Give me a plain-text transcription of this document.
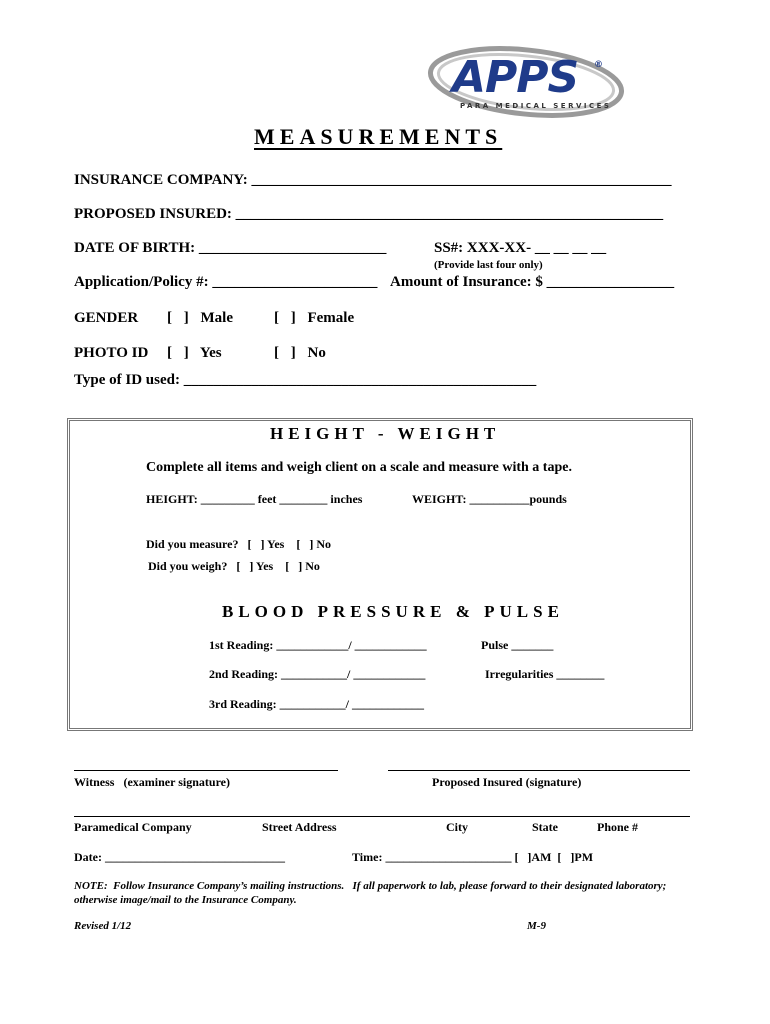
APPS ®
PARA MEDICAL SERVICES
MEASUREMENTS
INSURANCE COMPANY: ________________________________________________________
PROPOSED INSURED: _________________________________________________________
DATE OF BIRTH: _________________________	SS#: XXX-XX- __ __ __ __
(Provide last four only)
Application/Policy #: ______________________ Amount of Insurance: $ _________________
GENDER [ ] Male	[ ] Female
PHOTO ID [ ] Yes	[ ] No
Type of ID used: _______________________________________________
HEIGHT - WEIGHT
Complete all items and weigh client on a scale and measure with a tape.
HEIGHT: _________ feet ________ inches	WEIGHT: __________pounds
Did you measure?   [   ] Yes    [   ] No
Did you weigh?   [   ] Yes    [   ] No
BLOOD PRESSURE & PULSE
1st Reading: ____________/ ____________	Pulse _______
2nd Reading: ___________/ ____________	Irregularities ________
3rd Reading: ___________/ ____________
Witness   (examiner signature)	Proposed Insured (signature)
Paramedical Company	Street Address	City	State	Phone #
Date: ______________________________	Time: _____________________ [   ]AM  [   ]PM
NOTE:  Follow Insurance Company’s mailing instructions.   If all paperwork to lab, please forward to their designated laboratory;
otherwise image/mail to the Insurance Company.
Revised 1/12	M-9
